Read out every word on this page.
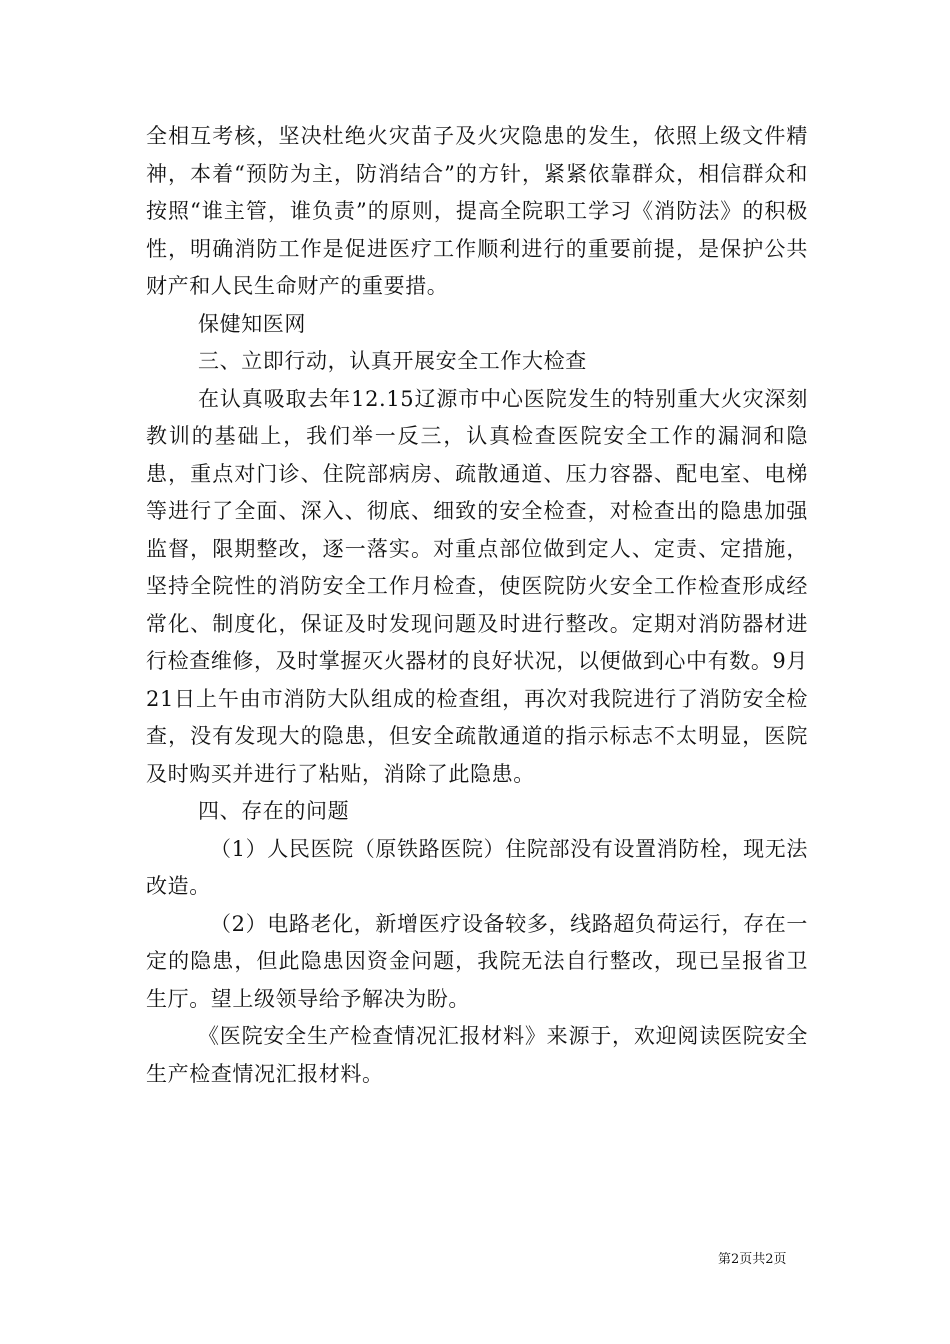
全相互考核，坚决杜绝火灾苗子及火灾隐患的发生，依照上级文件精神，本着“预防为主，防消结合”的方针，紧紧依靠群众，相信群众和按照“谁主管，谁负责”的原则，提高全院职工学习《消防法》的积极性，明确消防工作是促进医疗工作顺利进行的重要前提，是保护公共财产和人民生命财产的重要措。

保健知医网

三、立即行动，认真开展安全工作大检查

在认真吸取去年12.15辽源市中心医院发生的特别重大火灾深刻教训的基础上，我们举一反三，认真检查医院安全工作的漏洞和隐患，重点对门诊、住院部病房、疏散通道、压力容器、配电室、电梯等进行了全面、深入、彻底、细致的安全检查，对检查出的隐患加强监督，限期整改，逐一落实。对重点部位做到定人、定责、定措施，坚持全院性的消防安全工作月检查，使医院防火安全工作检查形成经常化、制度化，保证及时发现问题及时进行整改。定期对消防器材进行检查维修，及时掌握灭火器材的良好状况，以便做到心中有数。9月21日上午由市消防大队组成的检查组，再次对我院进行了消防安全检查，没有发现大的隐患，但安全疏散通道的指示标志不太明显，医院及时购买并进行了粘贴，消除了此隐患。

四、存在的问题

（1）人民医院（原铁路医院）住院部没有设置消防栓，现无法改造。

（2）电路老化，新增医疗设备较多，线路超负荷运行，存在一定的隐患，但此隐患因资金问题，我院无法自行整改，现已呈报省卫生厅。望上级领导给予解决为盼。

《医院安全生产检查情况汇报材料》来源于，欢迎阅读医院安全生产检查情况汇报材料。

第2页共2页
